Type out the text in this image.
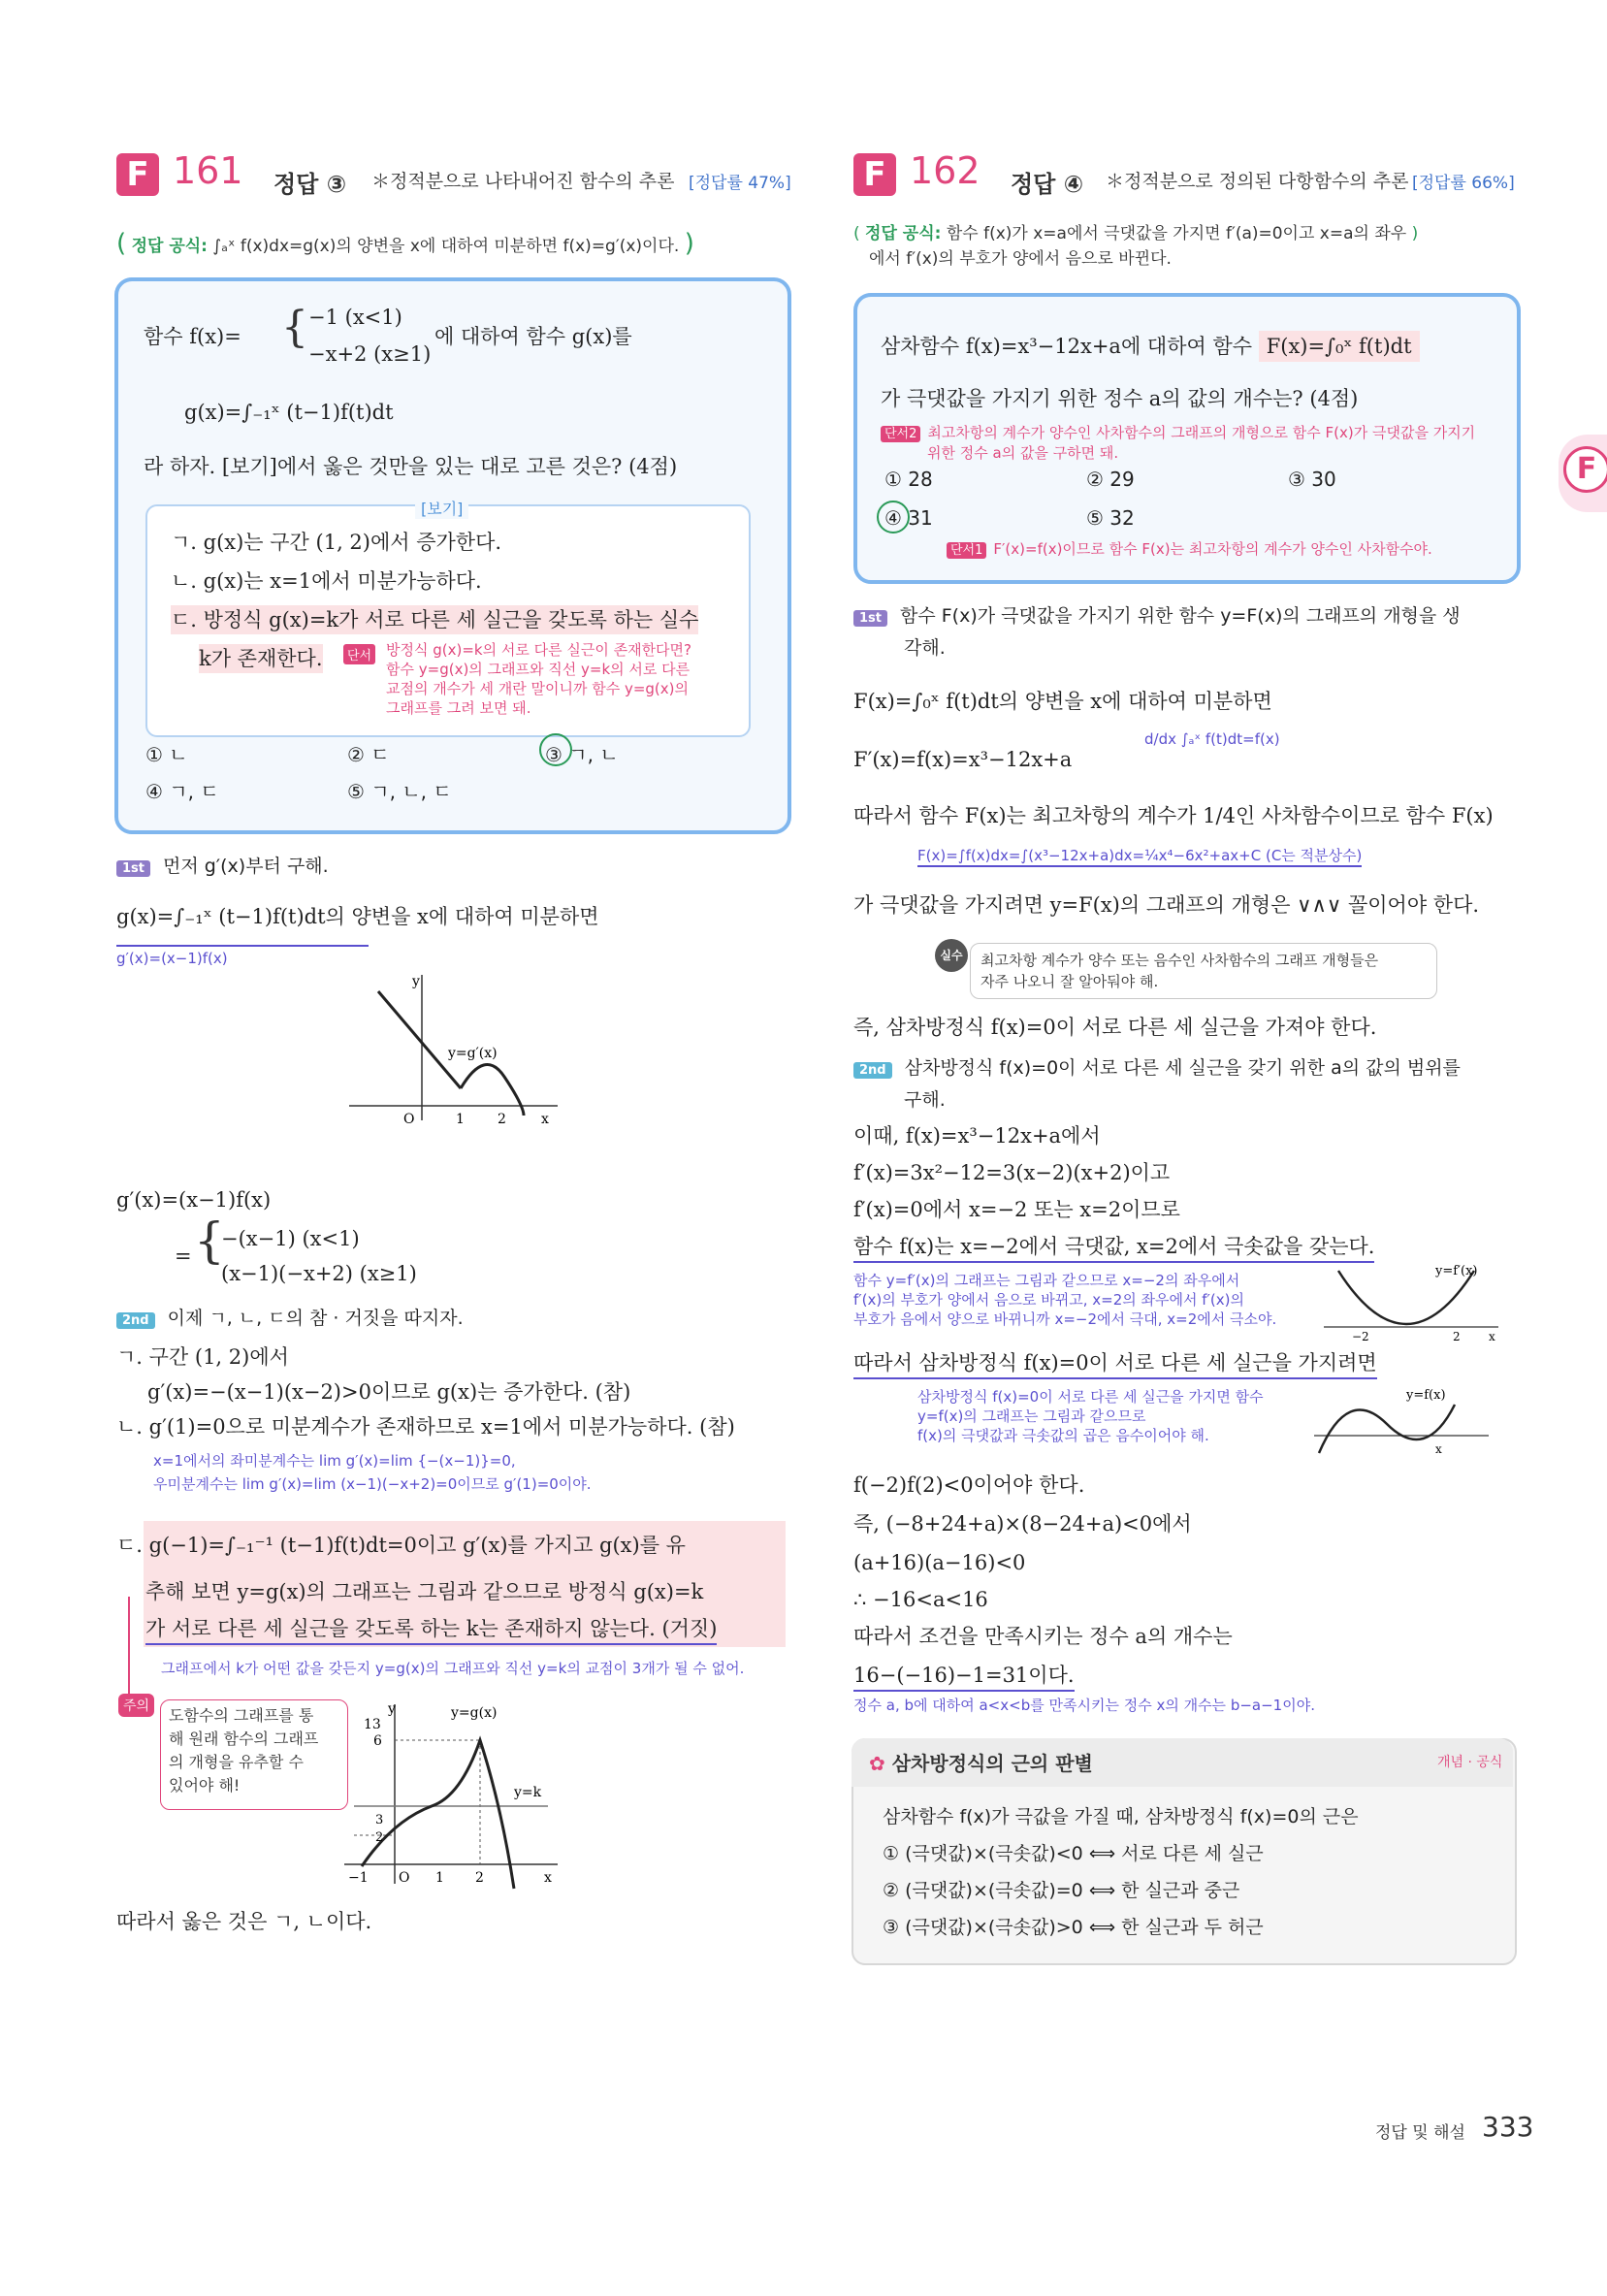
F 161 정답 ③ ＊정적분으로 나타내어진 함수의 추론 [정답률 47%]
( 정답 공식: ∫ₐˣ f(x)dx=g(x)의 양변을 x에 대하여 미분하면 f(x)=g′(x)이다. )
함수 f(x)= { −1 (x<1)
−x+2 (x≥1)
에 대하여 함수 g(x)를
g(x)=∫₋₁ˣ (t−1)f(t)dt
라 하자. [보기]에서 옳은 것만을 있는 대로 고른 것은? (4점)
[보기]
ㄱ. g(x)는 구간 (1, 2)에서 증가한다.
ㄴ. g(x)는 x=1에서 미분가능하다.
ㄷ. 방정식 g(x)=k가 서로 다른 세 실근을 갖도록 하는 실수
k가 존재한다.	단서 방정식 g(x)=k의 서로 다른 실근이 존재한다면?
함수 y=g(x)의 그래프와 직선 y=k의 서로 다른
교점의 개수가 세 개란 말이니까 함수 y=g(x)의
그래프를 그려 보면 돼.
① ㄴ	② ㄷ	③ ㄱ, ㄴ
④ ㄱ, ㄷ	⑤ ㄱ, ㄴ, ㄷ
1st 먼저 g′(x)부터 구해.
g(x)=∫₋₁ˣ (t−1)f(t)dt의 양변을 x에 대하여 미분하면
g′(x)=(x−1)f(x)
y
x
O	1 2
y=g′(x)
g′(x)=(x−1)f(x)
{
−(x−1) (x<1)
(x−1)(−x+2) (x≥1)
=
2nd 이제 ㄱ, ㄴ, ㄷ의 참 · 거짓을 따지자.
ㄱ. 구간 (1, 2)에서
g′(x)=−(x−1)(x−2)>0이므로 g(x)는 증가한다. (참)
ㄴ. g′(1)=0으로 미분계수가 존재하므로 x=1에서 미분가능하다. (참)
x=1에서의 좌미분계수는 lim g′(x)=lim {−(x−1)}=0,
우미분계수는 lim g′(x)=lim (x−1)(−x+2)=0이므로 g′(1)=0이야.
ㄷ. g(−1)=∫₋₁⁻¹ (t−1)f(t)dt=0이고 g′(x)를 가지고 g(x)를 유
추해 보면 y=g(x)의 그래프는 그림과 같으므로 방정식 g(x)=k
가 서로 다른 세 실근을 갖도록 하는 k는 존재하지 않는다. (거짓)
그래프에서 k가 어떤 값을 갖든지 y=g(x)의 그래프와 직선 y=k의 교점이 3개가 될 수 없어.
주의	도함수의 그래프를 통
해 원래 함수의 그래프
의 개형을 유추할 수
있어야 해!
y
x
O
13
6
3
2
−1	1 2
y=g(x)
y=k
따라서 옳은 것은 ㄱ, ㄴ이다.
F 162 정답 ④ ＊정적분으로 정의된 다항함수의 추론 [정답률 66%]
( 정답 공식: 함수 f(x)가 x=a에서 극댓값을 가지면 f′(a)=0이고 x=a의 좌우 )
에서 f′(x)의 부호가 양에서 음으로 바뀐다.
삼차함수 f(x)=x³−12x+a에 대하여 함수 F(x)=∫₀ˣ f(t)dt
가 극댓값을 가지기 위한 정수 a의 값의 개수는? (4점)
단서2 최고차항의 계수가 양수인 사차함수의 그래프의 개형으로 함수 F(x)가 극댓값을 가지기
위한 정수 a의 값을 구하면 돼.
① 28	② 29	③ 30
④ 31	⑤ 32
단서1 F′(x)=f(x)이므로 함수 F(x)는 최고차항의 계수가 양수인 사차함수야.
1st 함수 F(x)가 극댓값을 가지기 위한 함수 y=F(x)의 그래프의 개형을 생
각해.
F(x)=∫₀ˣ f(t)dt의 양변을 x에 대하여 미분하면
d/dx ∫ₐˣ f(t)dt=f(x)
F′(x)=f(x)=x³−12x+a
따라서 함수 F(x)는 최고차항의 계수가 1/4인 사차함수이므로 함수 F(x)
F(x)=∫f(x)dx=∫(x³−12x+a)dx=¼x⁴−6x²+ax+C (C는 적분상수)
가 극댓값을 가지려면 y=F(x)의 그래프의 개형은 ∨∧∨ 꼴이어야 한다.
실수	최고차항 계수가 양수 또는 음수인 사차함수의 그래프 개형들은
자주 나오니 잘 알아둬야 해.
즉, 삼차방정식 f(x)=0이 서로 다른 세 실근을 가져야 한다.
2nd 삼차방정식 f(x)=0이 서로 다른 세 실근을 갖기 위한 a의 값의 범위를
구해.
이때, f(x)=x³−12x+a에서
f′(x)=3x²−12=3(x−2)(x+2)이고
f′(x)=0에서 x=−2 또는 x=2이므로
함수 f(x)는 x=−2에서 극댓값, x=2에서 극솟값을 갖는다.
함수 y=f′(x)의 그래프는 그림과 같으므로 x=−2의 좌우에서
f′(x)의 부호가 양에서 음으로 바뀌고, x=2의 좌우에서 f′(x)의
부호가 음에서 양으로 바뀌니까 x=−2에서 극대, x=2에서 극소야.
y=f′(x)
−2	2 x
따라서 삼차방정식 f(x)=0이 서로 다른 세 실근을 가지려면
삼차방정식 f(x)=0이 서로 다른 세 실근을 가지면 함수
y=f(x)의 그래프는 그림과 같으므로
f(x)의 극댓값과 극솟값의 곱은 음수이어야 해.
y=f(x)
x
f(−2)f(2)<0이어야 한다.
즉, (−8+24+a)×(8−24+a)<0에서
(a+16)(a−16)<0
∴ −16<a<16
따라서 조건을 만족시키는 정수 a의 개수는
16−(−16)−1=31이다.
정수 a, b에 대하여 a<x<b를 만족시키는 정수 x의 개수는 b−a−1이야.
✿ 삼차방정식의 근의 판별	개념 · 공식
삼차함수 f(x)가 극값을 가질 때, 삼차방정식 f(x)=0의 근은
① (극댓값)×(극솟값)<0 ⟺ 서로 다른 세 실근
② (극댓값)×(극솟값)=0 ⟺ 한 실근과 중근
③ (극댓값)×(극솟값)>0 ⟺ 한 실근과 두 허근
F
정답 및 해설 333
